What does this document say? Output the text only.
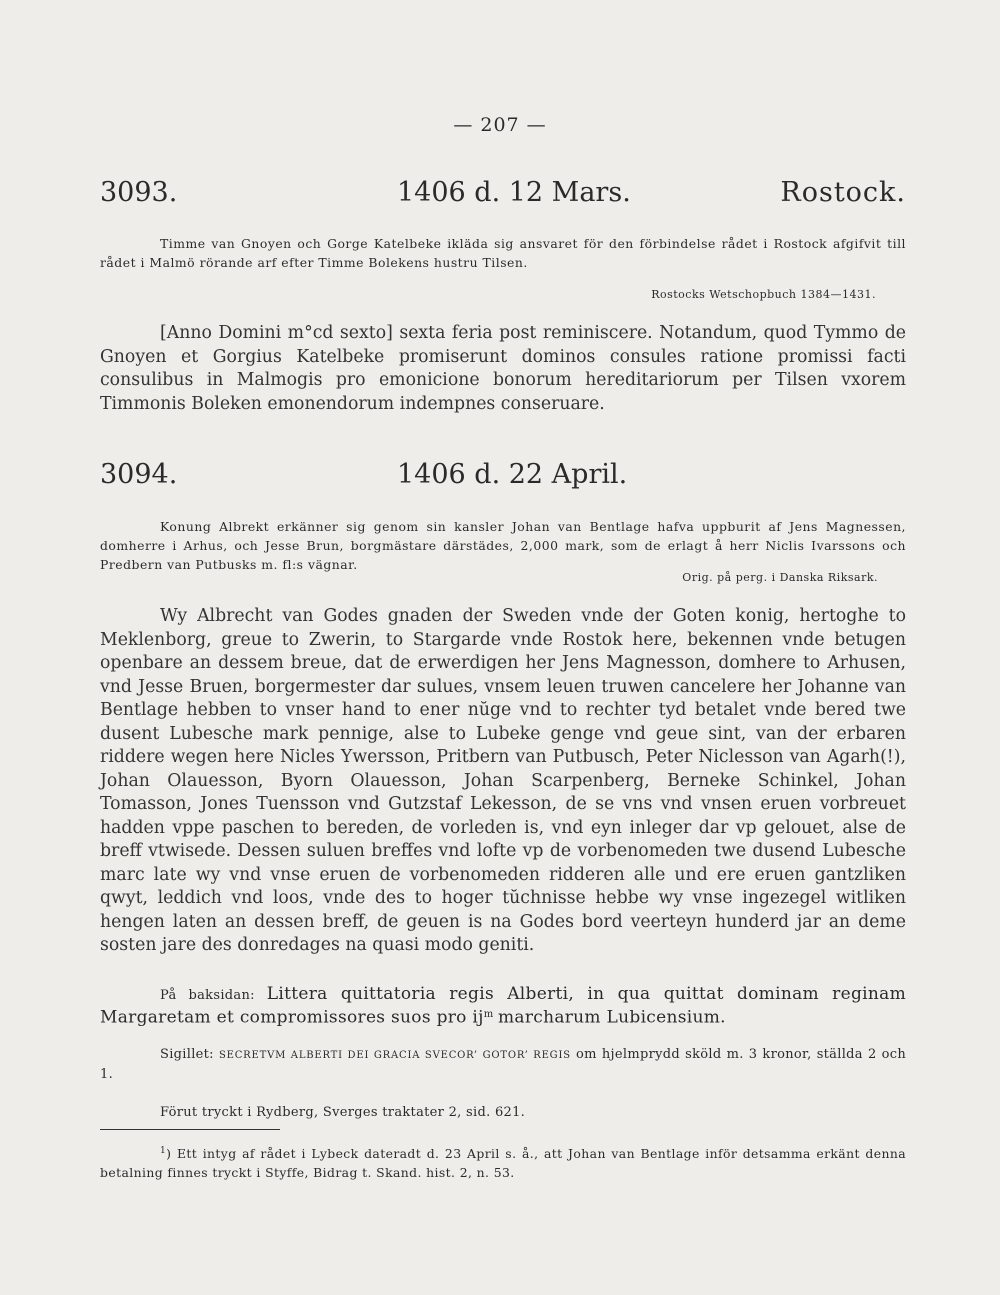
— 207 —
3093.	1406 d. 12 Mars.	Rostock.

Timme van Gnoyen och Gorge Katelbeke ikläda sig ansvaret för den förbindelse rådet i Rostock afgifvit till rådet i Malmö rörande arf efter Timme Bolekens hustru Tilsen.

Rostocks Wetschopbuch 1384—1431.

[Anno Domini m°cd sexto] sexta feria post reminiscere. Notandum, quod Tymmo de Gnoyen et Gorgius Katelbeke promiserunt dominos consules ratione promissi facti consulibus in Malmogis pro emonicione bonorum hereditariorum per Tilsen vxorem Timmonis Boleken emonendorum indempnes conseruare.

3094.	1406 d. 22 April.

Konung Albrekt erkänner sig genom sin kansler Johan van Bentlage hafva uppburit af Jens Magnessen, domherre i Arhus, och Jesse Brun, borgmästare därstädes, 2,000 mark, som de erlagt å herr Niclis Ivarssons och Predbern van Putbusks m. fl:s vägnar.

Orig. på perg. i Danska Riksark.

Wy Albrecht van Godes gnaden der Sweden vnde der Goten konig, hertoghe to Meklenborg, greue to Zwerin, to Stargarde vnde Rostok here, bekennen vnde betugen openbare an dessem breue, dat de erwerdigen her Jens Magnesson, domhere to Arhusen, vnd Jesse Bruen, borgermester dar sulues, vnsem leuen truwen cancelere her Johanne van Bentlage hebben to vnser hand to ener nŭge vnd to rechter tyd betalet vnde bered twe dusent Lubesche mark pennige, alse to Lubeke genge vnd geue sint, van der erbaren riddere wegen here Nicles Ywersson, Pritbern van Putbusch, Peter Niclesson van Agarh(!), Johan Olauesson, Byorn Olauesson, Johan Scarpenberg, Berneke Schinkel, Johan Tomasson, Jones Tuensson vnd Gutzstaf Lekesson, de se vns vnd vnsen eruen vorbreuet hadden vppe paschen to bereden, de vorleden is, vnd eyn inleger dar vp gelouet, alse de breff vtwisede. Dessen suluen breffes vnd lofte vp de vorbenomeden twe dusend Lubesche marc late wy vnd vnse eruen de vorbenomeden ridderen alle und ere eruen gantzliken qwyt, leddich vnd loos, vnde des to hoger tŭchnisse hebbe wy vnse ingezegel witliken hengen laten an dessen breff, de geuen is na Godes bord veerteyn hunderd jar an deme sosten jare des donredages na quasi modo geniti.

På baksidan: Littera quittatoria regis Alberti, in qua quittat dominam reginam Margaretam et compromissores suos pro $ij^m$ marcharum Lubicensium.

Sigillet: SECRETVM ALBERTI DEI GRACIA SVECOR’ GOTOR’ REGIS om hjelmprydd sköld m. 3 kronor, ställda 2 och 1.

Förut tryckt i Rydberg, Sverges traktater 2, sid. 621.

$^1$) Ett intyg af rådet i Lybeck dateradt d. 23 April s. å., att Johan van Bentlage inför detsamma erkänt denna betalning finnes tryckt i Styffe, Bidrag t. Skand. hist. 2, n. 53.
